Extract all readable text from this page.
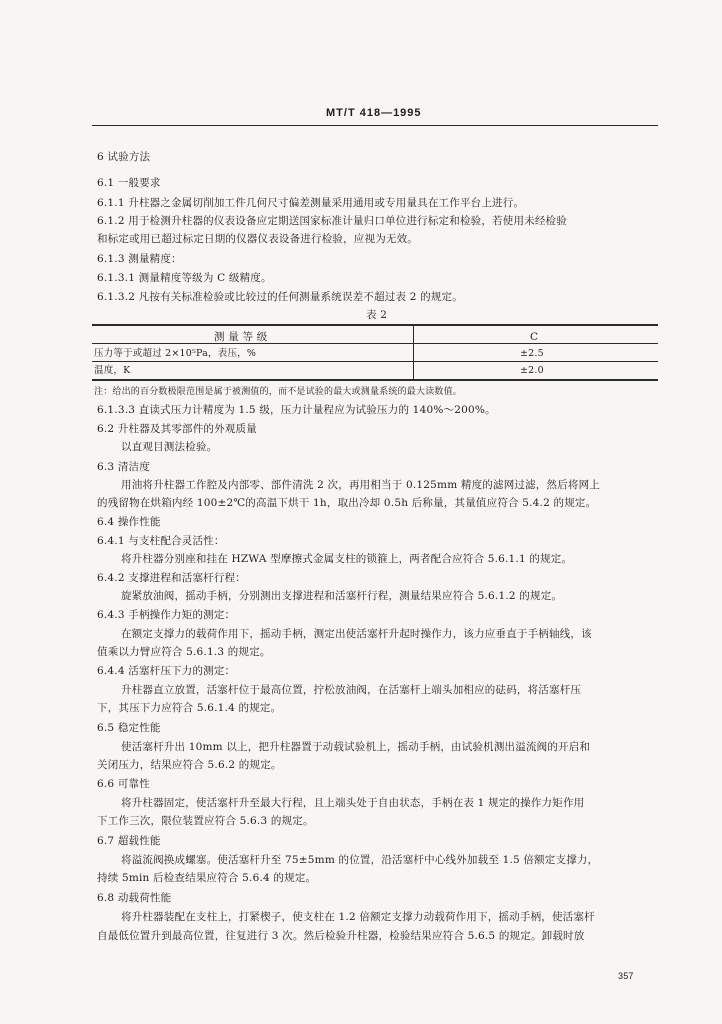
MT/T 418—1995
6 试验方法
6.1 一般要求
6.1.1 升柱器之金属切削加工件几何尺寸偏差测量采用通用或专用量具在工作平台上进行。
6.1.2 用于检测升柱器的仪表设备应定期送国家标准计量归口单位进行标定和检验，若使用未经检验
和标定或用已超过标定日期的仪器仪表设备进行检验，应视为无效。
6.1.3 测量精度：
6.1.3.1 测量精度等级为 C 级精度。
6.1.3.2 凡按有关标准检验或比较过的任何测量系统误差不超过表 2 的规定。
表 2
测 量 等 级	C
压力等于或超过 2×10⁵Pa，表压，%	±2.5
温度，K	±2.0
注：给出的百分数极限范围是属于被测值的，而不是试验的最大或测量系统的最大读数值。
6.1.3.3 直读式压力计精度为 1.5 级，压力计量程应为试验压力的 140%～200%。
6.2 升柱器及其零部件的外观质量
以直观目测法检验。
6.3 清洁度
用油将升柱器工作腔及内部零、部件清洗 2 次，再用相当于 0.125mm 精度的滤网过滤，然后将网上
的残留物在烘箱内经 100±2℃的高温下烘干 1h，取出冷却 0.5h 后称量，其量值应符合 5.4.2 的规定。
6.4 操作性能
6.4.1 与支柱配合灵活性：
将升柱器分别座和挂在 HZWA 型摩擦式金属支柱的锁箍上，两者配合应符合 5.6.1.1 的规定。
6.4.2 支撑进程和活塞杆行程：
旋紧放油阀，摇动手柄，分别测出支撑进程和活塞杆行程，测量结果应符合 5.6.1.2 的规定。
6.4.3 手柄操作力矩的测定：
在额定支撑力的载荷作用下，摇动手柄，测定出使活塞杆升起时操作力，该力应垂直于手柄轴线，该
值乘以力臂应符合 5.6.1.3 的规定。
6.4.4 活塞杆压下力的测定：
升柱器直立放置，活塞杆位于最高位置，拧松放油阀，在活塞杆上端头加相应的砝码，将活塞杆压
下，其压下力应符合 5.6.1.4 的规定。
6.5 稳定性能
使活塞杆升出 10mm 以上，把升柱器置于动载试验机上，摇动手柄，由试验机测出溢流阀的开启和
关闭压力，结果应符合 5.6.2 的规定。
6.6 可靠性
将升柱器固定，使活塞杆升至最大行程，且上端头处于自由状态，手柄在表 1 规定的操作力矩作用
下工作三次，限位装置应符合 5.6.3 的规定。
6.7 超载性能
将溢流阀换成螺塞。使活塞杆升至 75±5mm 的位置，沿活塞杆中心线外加载至 1.5 倍额定支撑力，
持续 5min 后检查结果应符合 5.6.4 的规定。
6.8 动载荷性能
将升柱器装配在支柱上，打紧楔子，使支柱在 1.2 倍额定支撑力动载荷作用下，摇动手柄，使活塞杆
自最低位置升到最高位置，往复进行 3 次。然后检验升柱器，检验结果应符合 5.6.5 的规定。卸载时放
357
